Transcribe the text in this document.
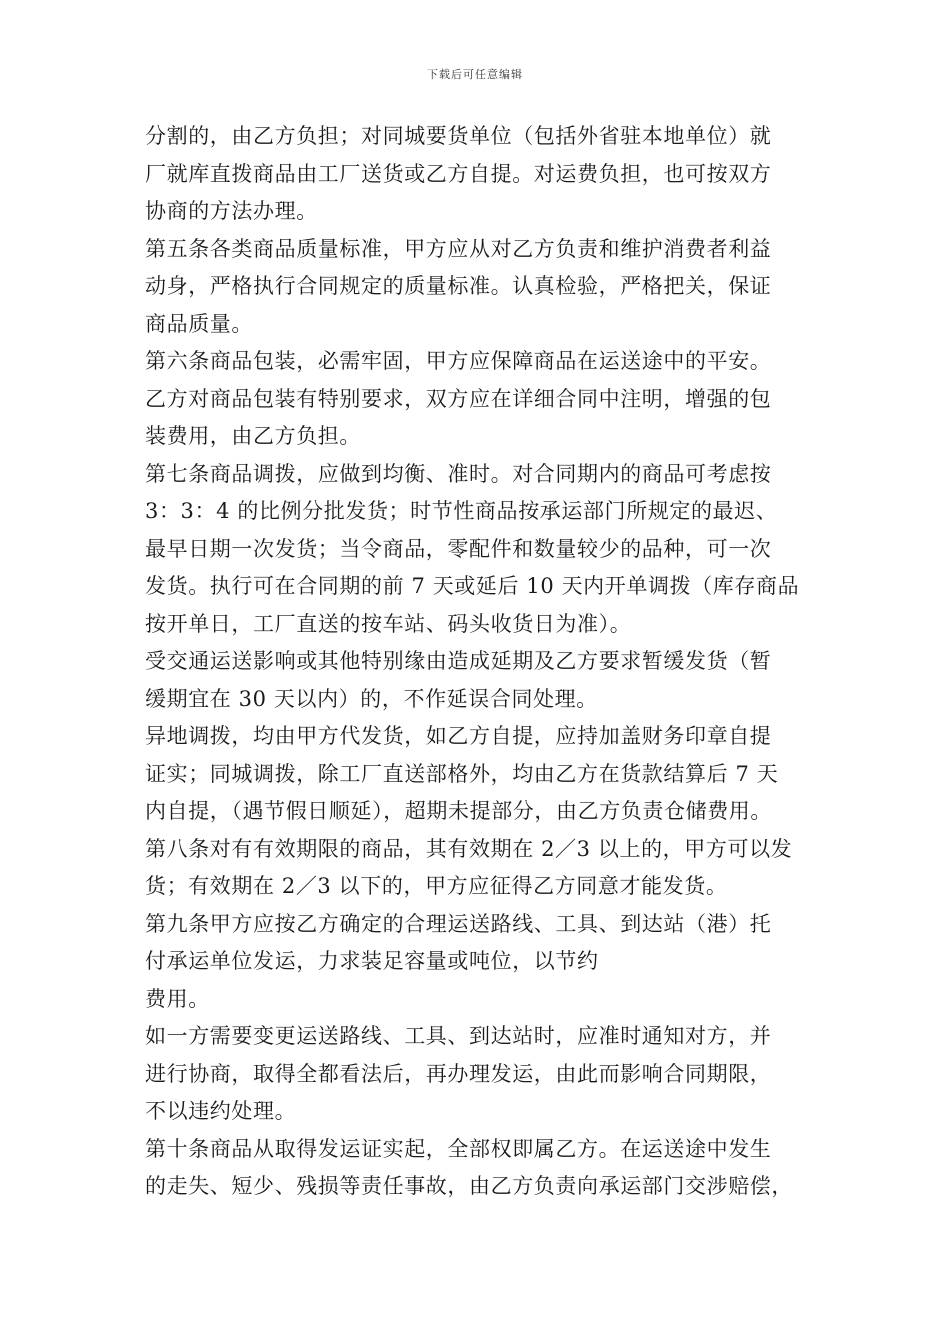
下载后可任意编辑
分割的，由乙方负担；对同城要货单位（包括外省驻本地单位）就
厂就库直拨商品由工厂送货或乙方自提。对运费负担，也可按双方
协商的方法办理。
第五条各类商品质量标准，甲方应从对乙方负责和维护消费者利益
动身，严格执行合同规定的质量标准。认真检验，严格把关，保证
商品质量。
第六条商品包装，必需牢固，甲方应保障商品在运送途中的平安。
乙方对商品包装有特别要求，双方应在详细合同中注明，增强的包
装费用，由乙方负担。
第七条商品调拨，应做到均衡、准时。对合同期内的商品可考虑按
3：3：4 的比例分批发货；时节性商品按承运部门所规定的最迟、
最早日期一次发货；当令商品，零配件和数量较少的品种，可一次
发货。执行可在合同期的前 7 天或延后 10 天内开单调拨（库存商品
按开单日，工厂直送的按车站、码头收货日为准）。
受交通运送影响或其他特别缘由造成延期及乙方要求暂缓发货（暂
缓期宜在 30 天以内）的，不作延误合同处理。
异地调拨，均由甲方代发货，如乙方自提，应持加盖财务印章自提
证实；同城调拨，除工厂直送部格外，均由乙方在货款结算后 7 天
内自提，（遇节假日顺延），超期未提部分，由乙方负责仓储费用。
第八条对有有效期限的商品，其有效期在 2／3 以上的，甲方可以发
货；有效期在 2／3 以下的，甲方应征得乙方同意才能发货。
第九条甲方应按乙方确定的合理运送路线、工具、到达站（港）托
付承运单位发运，力求装足容量或吨位，以节约
费用。
如一方需要变更运送路线、工具、到达站时，应准时通知对方，并
进行协商，取得全都看法后，再办理发运，由此而影响合同期限，
不以违约处理。
第十条商品从取得发运证实起，全部权即属乙方。在运送途中发生
的走失、短少、残损等责任事故，由乙方负责向承运部门交涉赔偿，
